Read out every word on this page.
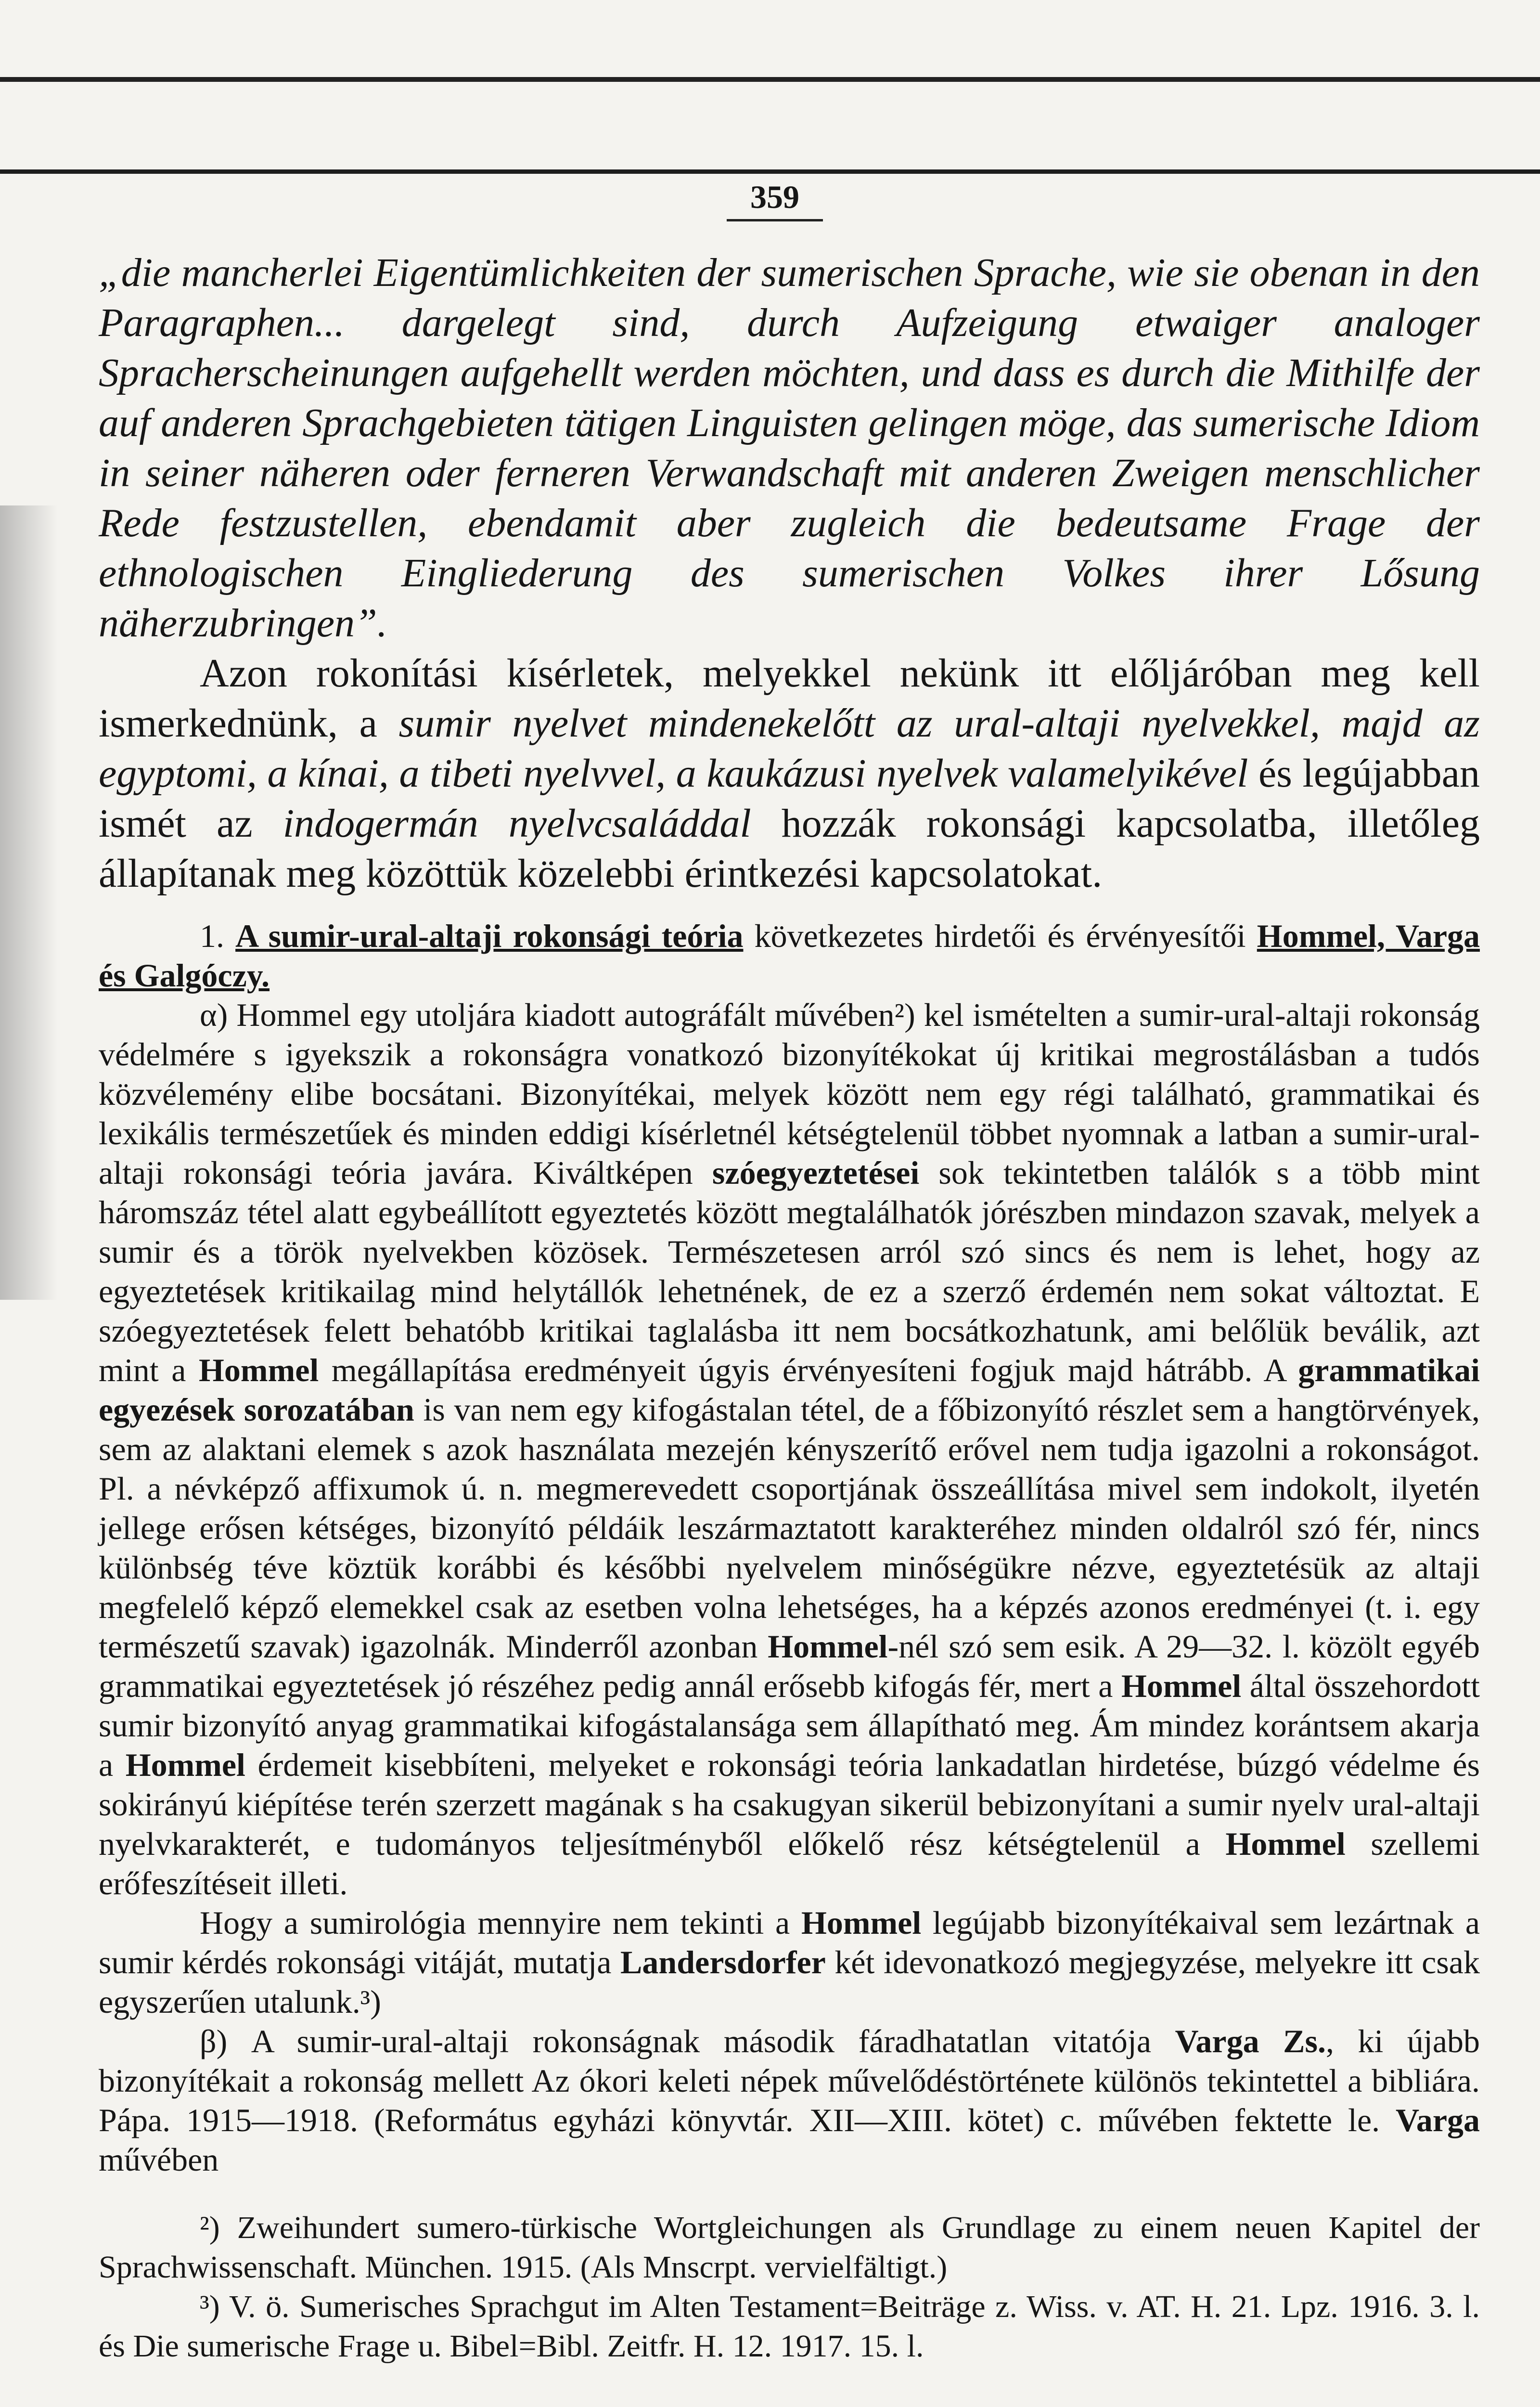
359

„die mancherlei Eigentümlichkeiten der sumerischen Sprache, wie sie obenan in den Paragraphen... dargelegt sind, durch Aufzeigung etwaiger analoger Spracherscheinungen aufgehellt werden möchten, und dass es durch die Mithilfe der auf anderen Sprachgebieten tätigen Linguisten gelingen möge, das sumerische Idiom in seiner näheren oder ferneren Verwandschaft mit anderen Zweigen menschlicher Rede festzustellen, ebendamit aber zugleich die bedeutsame Frage der ethnologischen Eingliederung des sumerischen Volkes ihrer Lősung näherzubringen”.

Azon rokonítási kísérletek, melyekkel nekünk itt előljáróban meg kell ismerkednünk, a sumir nyelvet mindenekelőtt az ural-altaji nyelvekkel, majd az egyptomi, a kínai, a tibeti nyelvvel, a kaukázusi nyelvek valamelyikével és legújabban ismét az indogermán nyelvcsaláddal hozzák rokonsági kapcsolatba, illetőleg állapítanak meg közöttük közelebbi érintkezési kapcsolatokat.

1. A sumir-ural-altaji rokonsági teória következetes hirdetői és érvényesítői Hommel, Varga és Galgóczy.

α) Hommel egy utoljára kiadott autográfált művében²) kel ismételten a sumir-ural-altaji rokonság védelmére s igyekszik a rokonságra vonatkozó bizonyítékokat új kritikai megrostálásban a tudós közvélemény elibe bocsátani. Bizonyítékai, melyek között nem egy régi található, grammatikai és lexikális természetűek és minden eddigi kísérletnél kétségtelenül többet nyomnak a latban a sumir-ural-altaji rokonsági teória javára. Kiváltképen szóegyeztetései sok tekintetben találók s a több mint háromszáz tétel alatt egybeállított egyeztetés között megtalálhatók jórészben mindazon szavak, melyek a sumir és a török nyelvekben közösek. Természetesen arról szó sincs és nem is lehet, hogy az egyeztetések kritikailag mind helytállók lehetnének, de ez a szerző érdemén nem sokat változtat. E szóegyeztetések felett behatóbb kritikai taglalásba itt nem bocsátkozhatunk, ami belőlük beválik, azt mint a Hommel megállapítása eredményeit úgyis érvényesíteni fogjuk majd hátrább. A grammatikai egyezések sorozatában is van nem egy kifogástalan tétel, de a főbizonyító részlet sem a hangtörvények, sem az alaktani elemek s azok használata mezején kényszerítő erővel nem tudja igazolni a rokonságot. Pl. a névképző affixumok ú. n. megmerevedett csoportjának összeállítása mivel sem indokolt, ilyetén jellege erősen kétséges, bizonyító példáik leszármaztatott karakteréhez minden oldalról szó fér, nincs különbség téve köztük korábbi és későbbi nyelvelem minőségükre nézve, egyeztetésük az altaji megfelelő képző elemekkel csak az esetben volna lehetséges, ha a képzés azonos eredményei (t. i. egy természetű szavak) igazolnák. Minderről azonban Hommel-nél szó sem esik. A 29—32. l. közölt egyéb grammatikai egyeztetések jó részéhez pedig annál erősebb kifogás fér, mert a Hommel által összehordott sumir bizonyító anyag grammatikai kifogástalansága sem állapítható meg. Ám mindez korántsem akarja a Hommel érdemeit kisebbíteni, melyeket e rokonsági teória lankadatlan hirdetése, búzgó védelme és sokirányú kiépítése terén szerzett magának s ha csakugyan sikerül bebizonyítani a sumir nyelv ural-altaji nyelvkarakterét, e tudományos teljesítményből előkelő rész kétségtelenül a Hommel szellemi erőfeszítéseit illeti.

Hogy a sumirológia mennyire nem tekinti a Hommel legújabb bizonyítékaival sem lezártnak a sumir kérdés rokonsági vitáját, mutatja Landersdorfer két idevonatkozó megjegyzése, melyekre itt csak egyszerűen utalunk.³)

β) A sumir-ural-altaji rokonságnak második fáradhatatlan vitatója Varga Zs., ki újabb bizonyítékait a rokonság mellett Az ókori keleti népek művelődéstörténete különös tekintettel a bibliára. Pápa. 1915—1918. (Református egyházi könyvtár. XII—XIII. kötet) c. művében fektette le. Varga művében

²) Zweihundert sumero-türkische Wortgleichungen als Grundlage zu einem neuen Kapitel der Sprachwissenschaft. München. 1915. (Als Mnscrpt. vervielfältigt.)

³) V. ö. Sumerisches Sprachgut im Alten Testament=Beiträge z. Wiss. v. AT. H. 21. Lpz. 1916. 3. l. és Die sumerische Frage u. Bibel=Bibl. Zeitfr. H. 12. 1917. 15. l.
